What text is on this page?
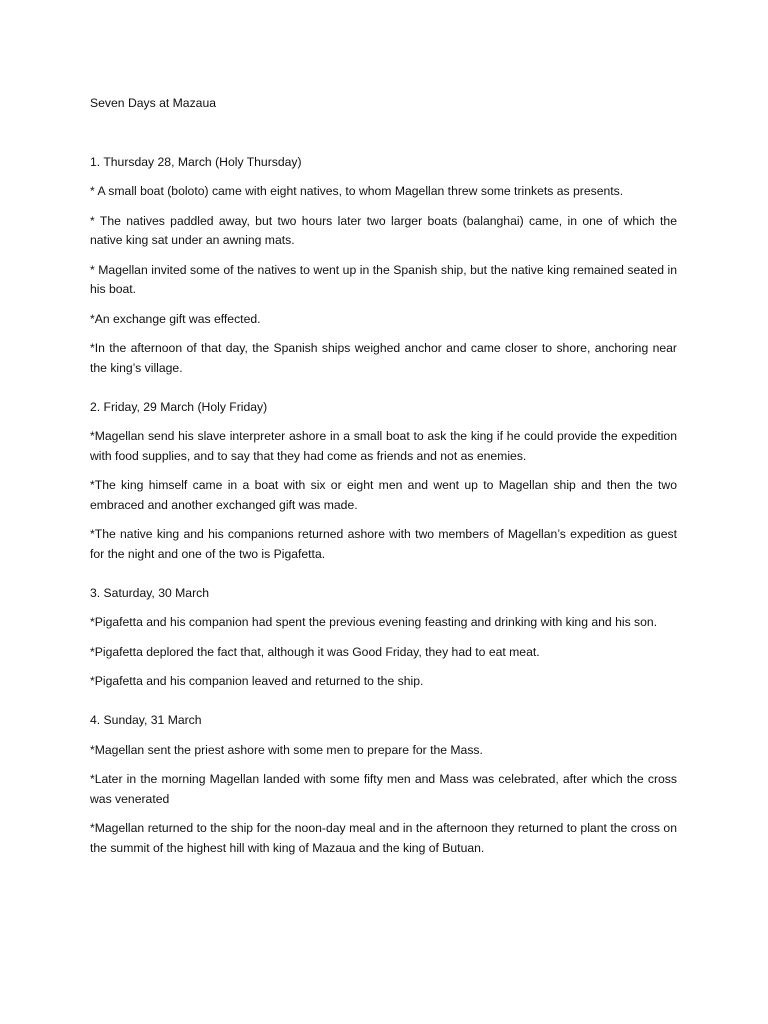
Seven Days at Mazaua

1. Thursday 28, March (Holy Thursday)

* A small boat (boloto) came with eight natives, to whom Magellan threw some trinkets as presents.

* The natives paddled away, but two hours later two larger boats (balanghai) came, in one of which the native king sat under an awning mats.

* Magellan invited some of the natives to went up in the Spanish ship, but the native king remained seated in his boat.

*An exchange gift was effected.

*In the afternoon of that day, the Spanish ships weighed anchor and came closer to shore, anchoring near the king’s village.

2. Friday, 29 March (Holy Friday)

*Magellan send his slave interpreter ashore in a small boat to ask the king if he could provide the expedition with food supplies, and to say that they had come as friends and not as enemies.

*The king himself came in a boat with six or eight men and went up to Magellan ship and then the two embraced and another exchanged gift was made.

*The native king and his companions returned ashore with two members of Magellan’s expedition as guest for the night and one of the two is Pigafetta.

3. Saturday, 30 March

*Pigafetta and his companion had spent the previous evening feasting and drinking with king and his son.

*Pigafetta deplored the fact that, although it was Good Friday, they had to eat meat.

*Pigafetta and his companion leaved and returned to the ship.

4. Sunday, 31 March

*Magellan sent the priest ashore with some men to prepare for the Mass.

*Later in the morning Magellan landed with some fifty men and Mass was celebrated, after which the cross was venerated

*Magellan returned to the ship for the noon-day meal and in the afternoon they returned to plant the cross on the summit of the highest hill with king of Mazaua and the king of Butuan.
